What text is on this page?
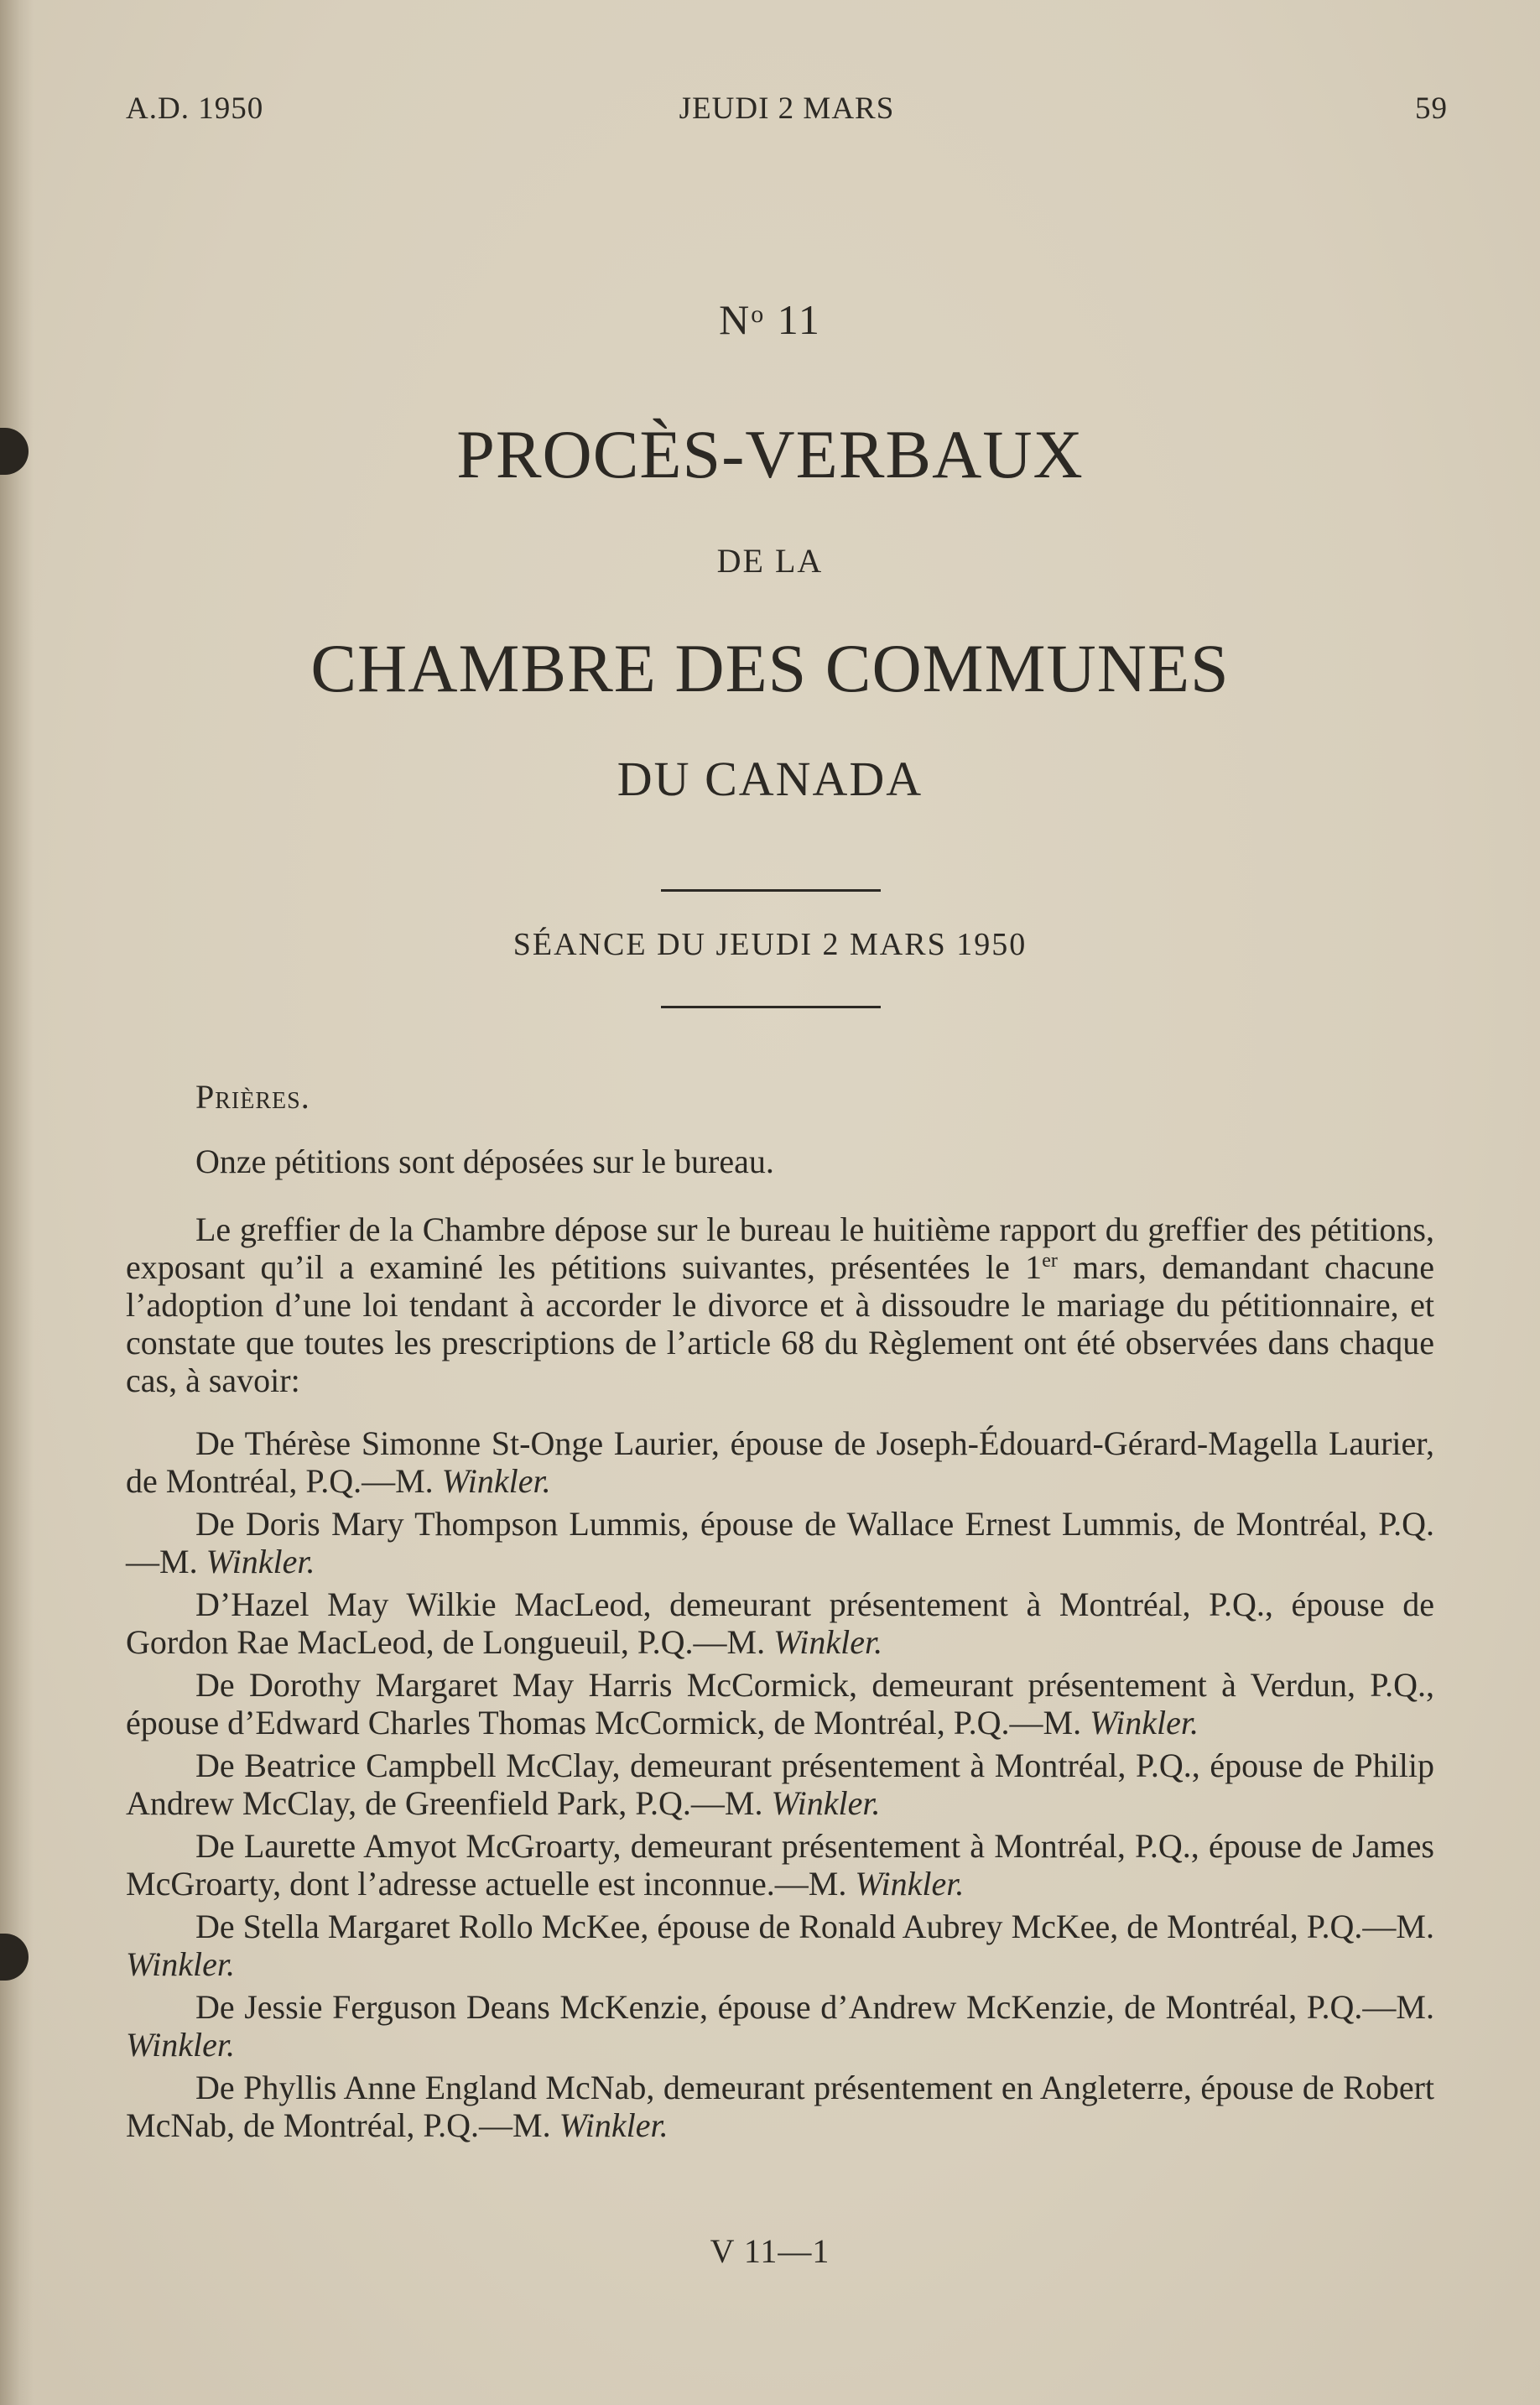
A.D. 1950	JEUDI 2 MARS	59
$N^o$ 11
PROCÈS-VERBAUX
DE LA
CHAMBRE DES COMMUNES
DU CANADA
SÉANCE DU JEUDI 2 MARS 1950

Prières.

Onze pétitions sont déposées sur le bureau.

Le greffier de la Chambre dépose sur le bureau le huitième rapport du greffier des pétitions, exposant qu’il a examiné les pétitions suivantes, présentées le 1er mars, demandant chacune l’adoption d’une loi tendant à accorder le divorce et à dissoudre le mariage du pétitionnaire, et constate que toutes les prescriptions de l’article 68 du Règlement ont été observées dans chaque cas, à savoir:

De Thérèse Simonne St-Onge Laurier, épouse de Joseph-Édouard-Gérard-Magella Laurier, de Montréal, P.Q.—M. Winkler.

De Doris Mary Thompson Lummis, épouse de Wallace Ernest Lummis, de Montréal, P.Q.—M. Winkler.

D’Hazel May Wilkie MacLeod, demeurant présentement à Montréal, P.Q., épouse de Gordon Rae MacLeod, de Longueuil, P.Q.—M. Winkler.

De Dorothy Margaret May Harris McCormick, demeurant présentement à Verdun, P.Q., épouse d’Edward Charles Thomas McCormick, de Montréal, P.Q.—M. Winkler.

De Beatrice Campbell McClay, demeurant présentement à Montréal, P.Q., épouse de Philip Andrew McClay, de Greenfield Park, P.Q.—M. Winkler.

De Laurette Amyot McGroarty, demeurant présentement à Montréal, P.Q., épouse de James McGroarty, dont l’adresse actuelle est inconnue.—M. Winkler.

De Stella Margaret Rollo McKee, épouse de Ronald Aubrey McKee, de Montréal, P.Q.—M. Winkler.

De Jessie Ferguson Deans McKenzie, épouse d’Andrew McKenzie, de Montréal, P.Q.—M. Winkler.

De Phyllis Anne England McNab, demeurant présentement en Angleterre, épouse de Robert McNab, de Montréal, P.Q.—M. Winkler.

V 11—1
